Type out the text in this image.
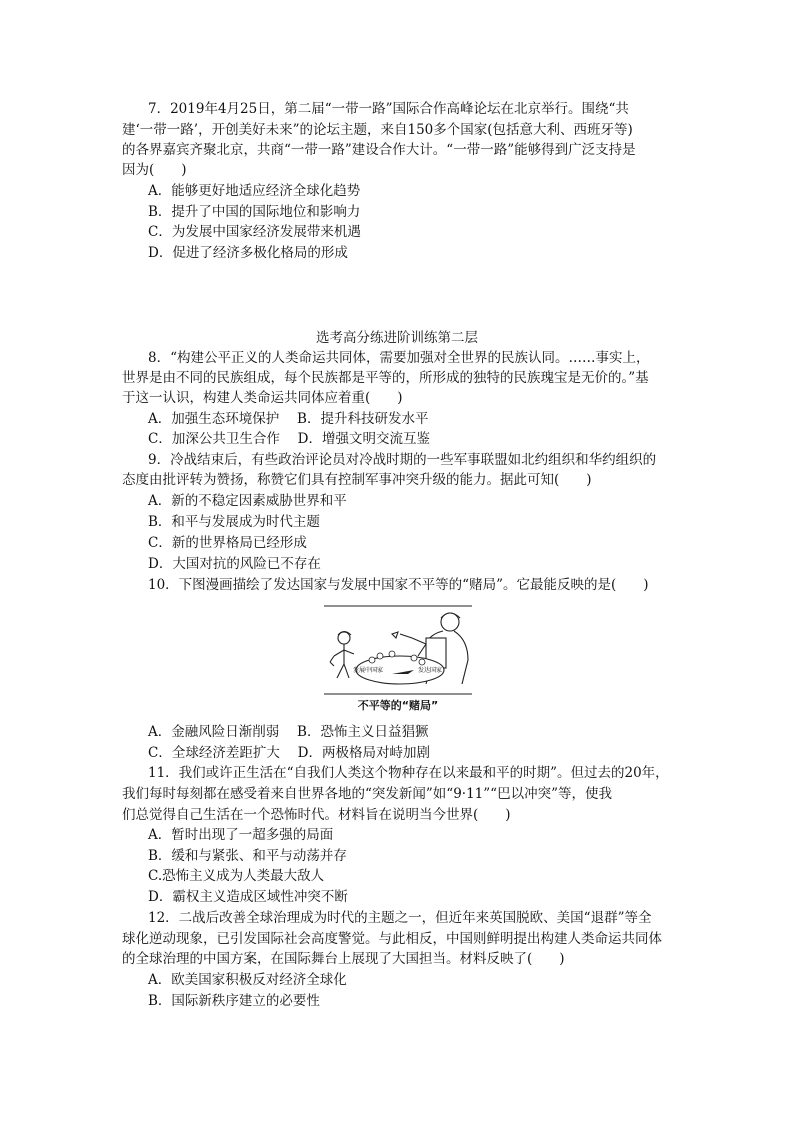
7．2019年4月25日，第二届“一带一路”国际合作高峰论坛在北京举行。围绕“共
建‘一带一路’，开创美好未来”的论坛主题，来自150多个国家(包括意大利、西班牙等)
的各界嘉宾齐聚北京，共商“一带一路”建设合作大计。“一带一路”能够得到广泛支持是
因为(　　)
A．能够更好地适应经济全球化趋势
B．提升了中国的国际地位和影响力
C．为发展中国家经济发展带来机遇
D．促进了经济多极化格局的形成
选考高分练进阶训练第二层
8．“构建公平正义的人类命运共同体，需要加强对全世界的民族认同。……事实上，
世界是由不同的民族组成，每个民族都是平等的，所形成的独特的民族瑰宝是无价的。”基
于这一认识，构建人类命运共同体应着重(　　)
A．加强生态环境保护　 B．提升科技研发水平
C．加深公共卫生合作　 D．增强文明交流互鉴
9．冷战结束后，有些政治评论员对冷战时期的一些军事联盟如北约组织和华约组织的
态度由批评转为赞扬，称赞它们具有控制军事冲突升级的能力。据此可知(　　)
A．新的不稳定因素威胁世界和平
B．和平与发展成为时代主题
C．新的世界格局已经形成
D．大国对抗的风险已不存在
10．下图漫画描绘了发达国家与发展中国家不平等的“赌局”。它最能反映的是(　　)
发展中国家	发达国家
不平等的“赌局”
A．金融风险日渐削弱　 B．恐怖主义日益猖獗
C．全球经济差距扩大　 D．两极格局对峙加剧
11．我们或许正生活在“自我们人类这个物种存在以来最和平的时期”。但过去的20年，
我们每时每刻都在感受着来自世界各地的“突发新闻”如“9·11”“巴以冲突”等，使我
们总觉得自己生活在一个恐怖时代。材料旨在说明当今世界(　　)
A．暂时出现了一超多强的局面
B．缓和与紧张、和平与动荡并存
C.恐怖主义成为人类最大敌人
D．霸权主义造成区域性冲突不断
12．二战后改善全球治理成为时代的主题之一，但近年来英国脱欧、美国“退群”等全
球化逆动现象，已引发国际社会高度警觉。与此相反，中国则鲜明提出构建人类命运共同体
的全球治理的中国方案，在国际舞台上展现了大国担当。材料反映了(　　)
A．欧美国家积极反对经济全球化
B．国际新秩序建立的必要性
